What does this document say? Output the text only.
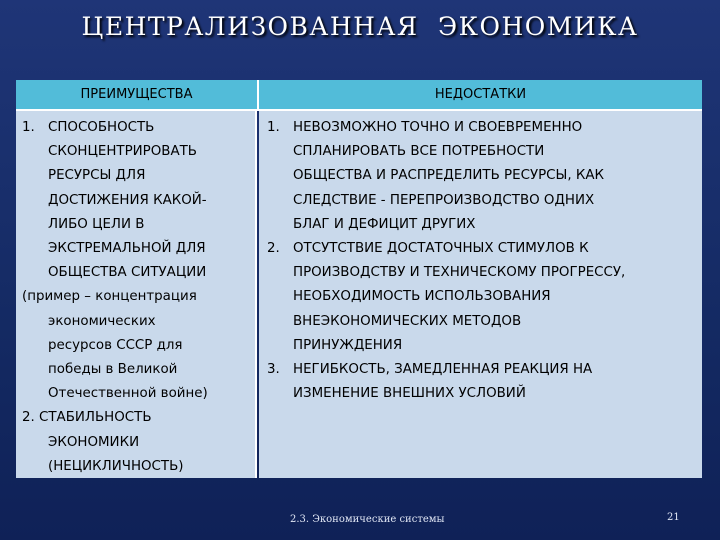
ЦЕНТРАЛИЗОВАННАЯ ЭКОНОМИКА
ПРЕИМУЩЕСТВА	НЕДОСТАТКИ
1. СПОСОБНОСТЬ
СКОНЦЕНТРИРОВАТЬ
РЕСУРСЫ ДЛЯ
ДОСТИЖЕНИЯ КАКОЙ-
ЛИБО ЦЕЛИ В
ЭКСТРЕМАЛЬНОЙ ДЛЯ
ОБЩЕСТВА СИТУАЦИИ
(пример – концентрация
экономических
ресурсов СССР для
победы в Великой
Отечественной войне)
2. СТАБИЛЬНОСТЬ
ЭКОНОМИКИ
(НЕЦИКЛИЧНОСТЬ)
1. НЕВОЗМОЖНО ТОЧНО И СВОЕВРЕМЕННО
СПЛАНИРОВАТЬ ВСЕ ПОТРЕБНОСТИ
ОБЩЕСТВА И РАСПРЕДЕЛИТЬ РЕСУРСЫ, КАК
СЛЕДСТВИЕ - ПЕРЕПРОИЗВОДСТВО ОДНИХ
БЛАГ И ДЕФИЦИТ ДРУГИХ
2. ОТСУТСТВИЕ ДОСТАТОЧНЫХ СТИМУЛОВ К
ПРОИЗВОДСТВУ И ТЕХНИЧЕСКОМУ ПРОГРЕССУ,
НЕОБХОДИМОСТЬ ИСПОЛЬЗОВАНИЯ
ВНЕЭКОНОМИЧЕСКИХ МЕТОДОВ
ПРИНУЖДЕНИЯ
3. НЕГИБКОСТЬ, ЗАМЕДЛЕННАЯ РЕАКЦИЯ НА
ИЗМЕНЕНИЕ ВНЕШНИХ УСЛОВИЙ
2.3. Экономические системы	21
